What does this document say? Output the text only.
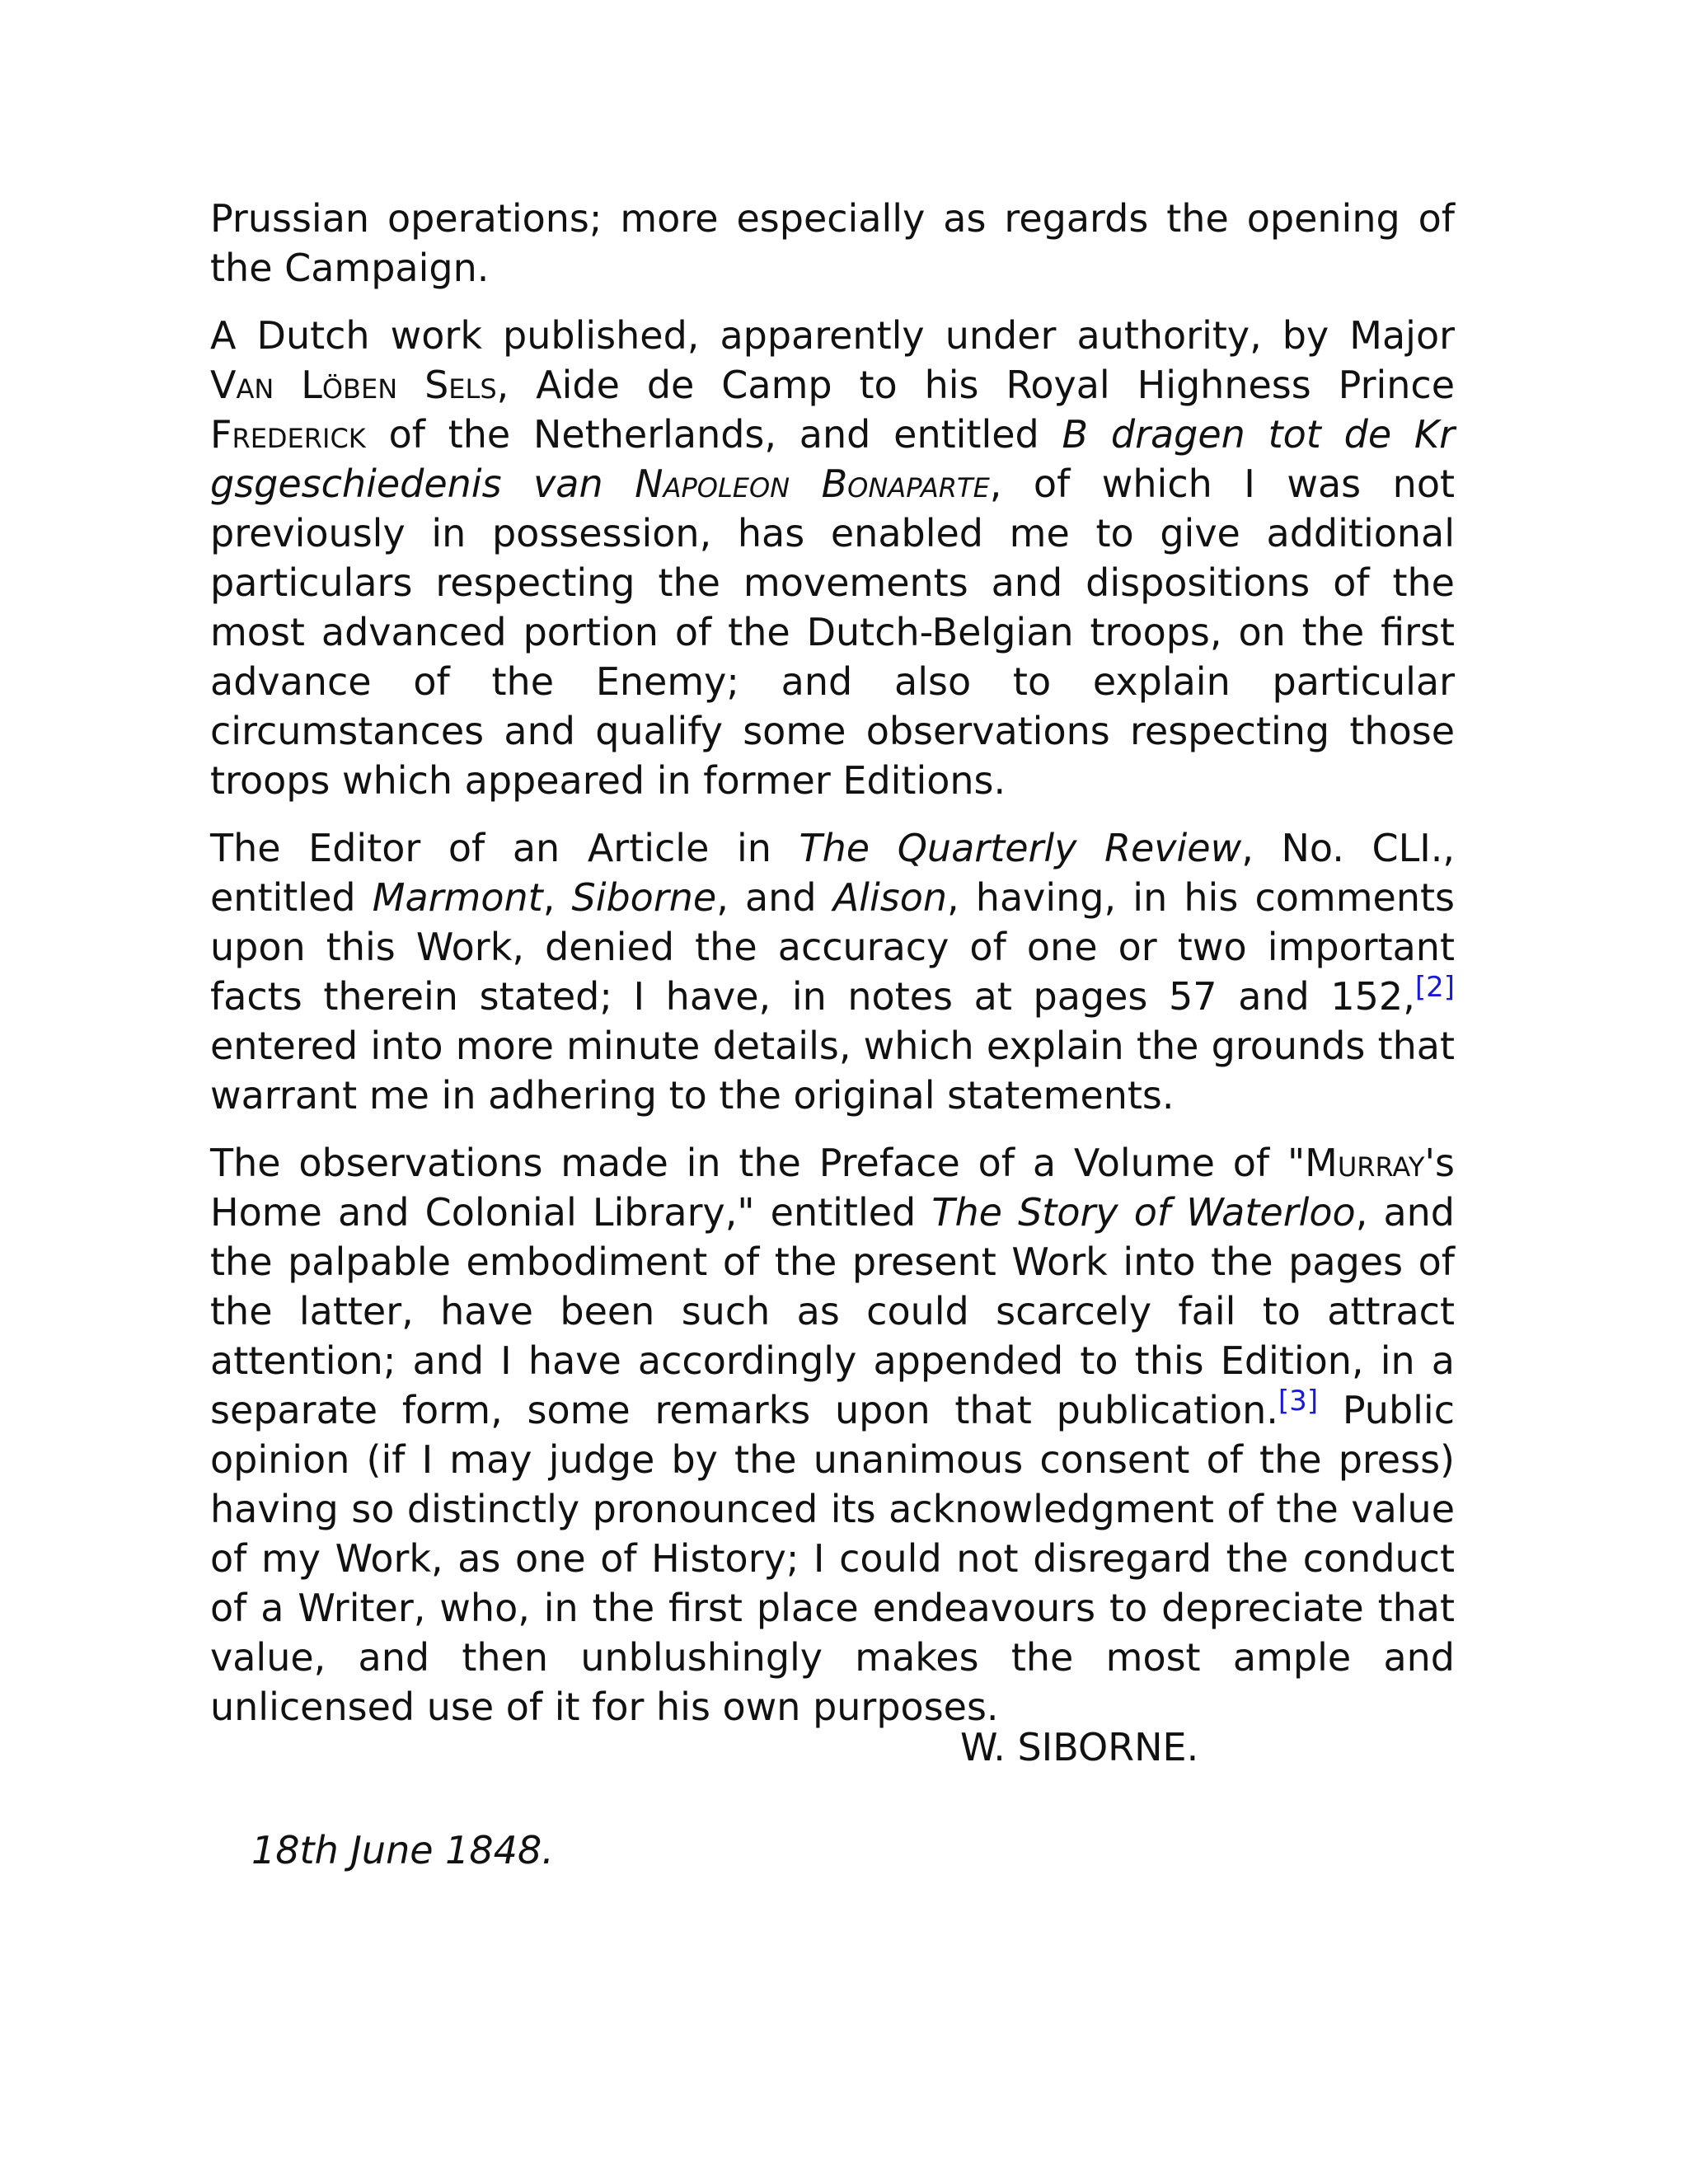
Prussian operations; more especially as regards the opening of the Campaign.

A Dutch work published, apparently under authority, by Major Van Löben Sels, Aide de Camp to his Royal Highness Prince Frederick of the Netherlands, and entitled B dragen tot de Kr gsgeschiedenis van Napoleon Bonaparte, of which I was not previously in possession, has enabled me to give additional particulars respecting the movements and dispositions of the most advanced portion of the Dutch-Belgian troops, on the first advance of the Enemy; and also to explain particular circumstances and qualify some observations respecting those troops which appeared in former Editions.

The Editor of an Article in The Quarterly Review, No. CLI., entitled Marmont, Siborne, and Alison, having, in his comments upon this Work, denied the accuracy of one or two important facts therein stated; I have, in notes at pages 57 and 152,[2] entered into more minute details, which explain the grounds that warrant me in adhering to the original statements.

The observations made in the Preface of a Volume of "Murray's Home and Colonial Library," entitled The Story of Waterloo, and the palpable embodiment of the present Work into the pages of the latter, have been such as could scarcely fail to attract attention; and I have accordingly appended to this Edition, in a separate form, some remarks upon that publication.[3] Public opinion (if I may judge by the unanimous consent of the press) having so distinctly pronounced its acknowledgment of the value of my Work, as one of History; I could not disregard the conduct of a Writer, who, in the first place endeavours to depreciate that value, and then unblushingly makes the most ample and unlicensed use of it for his own purposes.

W. SIBORNE.

18th June 1848.
